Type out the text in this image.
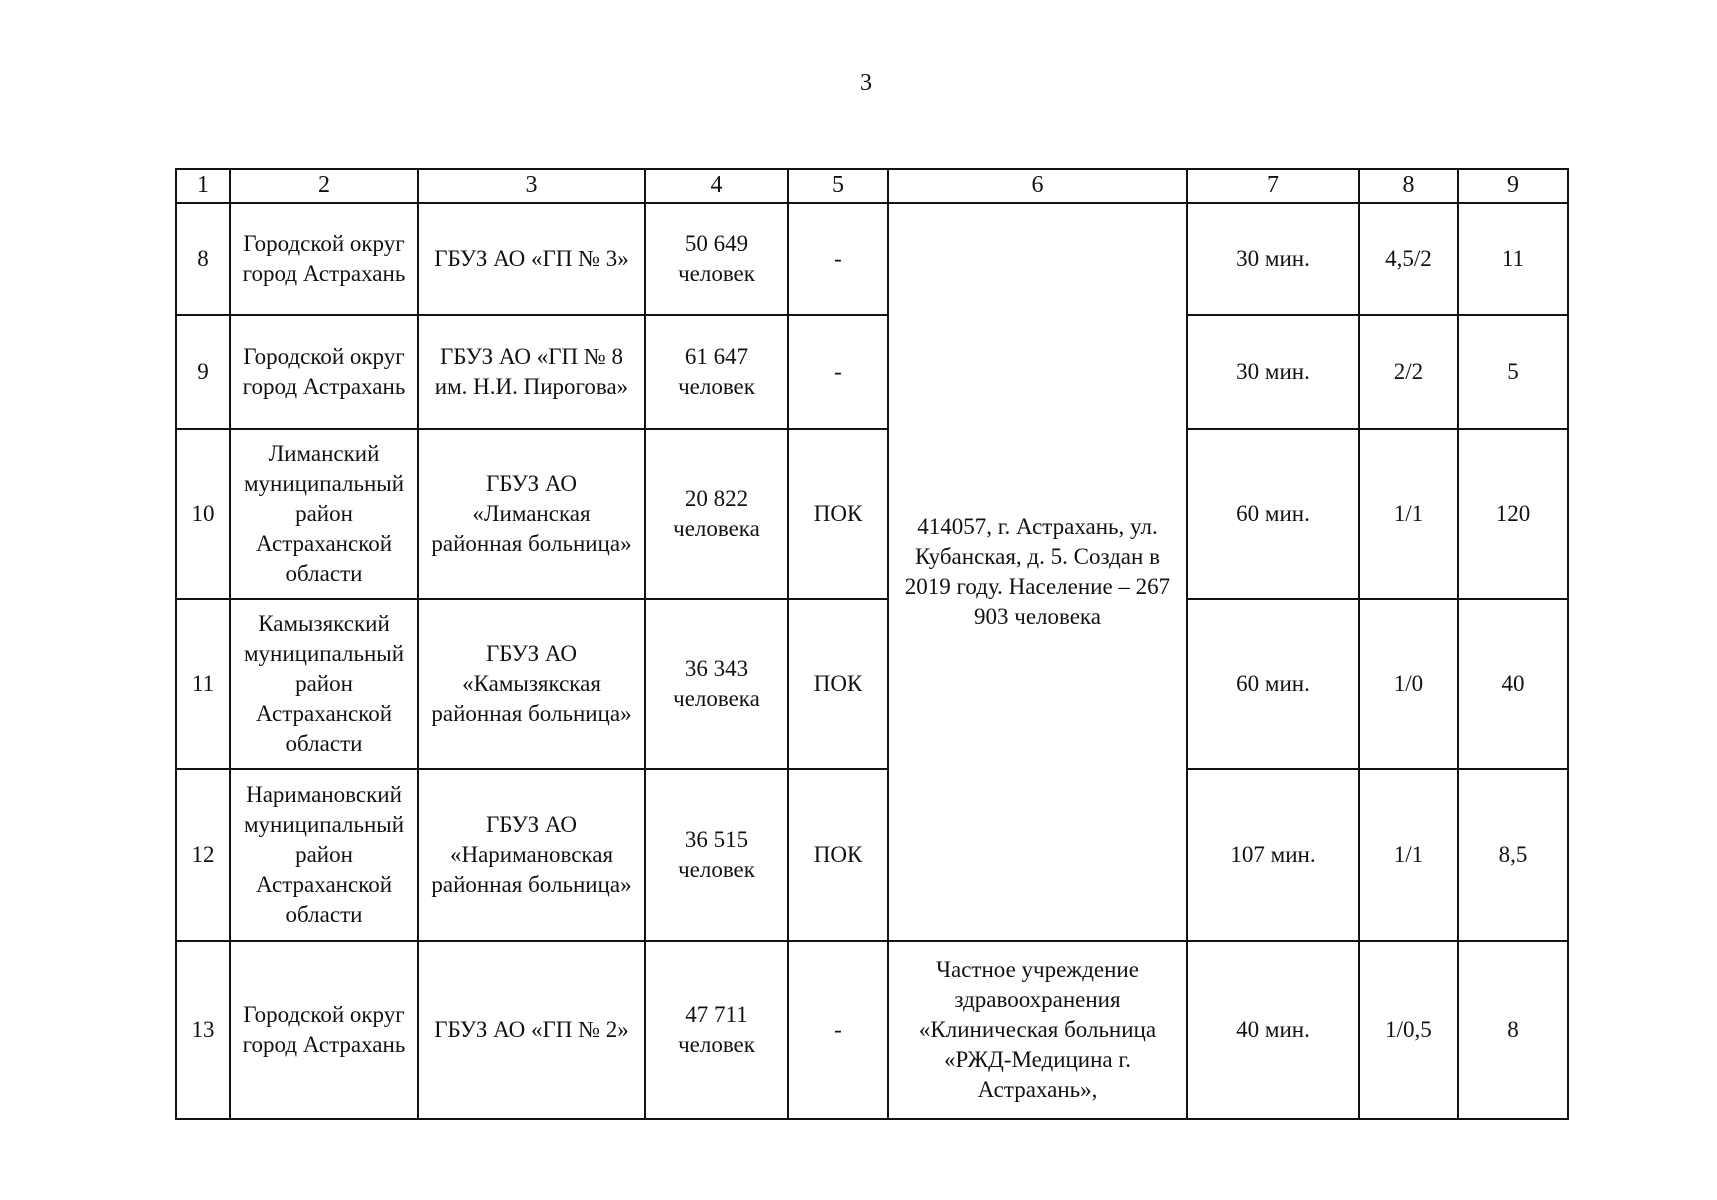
3
1	2	3	4	5	6	7	8	9
8	Городской округ город Астрахань	ГБУЗ АО «ГП № 3»	50 649 человек	-	414057, г. Астрахань, ул. Кубанская, д. 5. Создан в 2019 году. Население – 267 903 человека	30 мин.	4,5/2	11
9	Городской округ город Астрахань	ГБУЗ АО «ГП № 8 им. Н.И. Пирогова»	61 647 человек	-		30 мин.	2/2	5
10	Лиманский муниципальный район Астраханской области	ГБУЗ АО «Лиманская районная больница»	20 822 человека	ПОК		60 мин.	1/1	120
11	Камызякский муниципальный район Астраханской области	ГБУЗ АО «Камызякская районная больница»	36 343 человека	ПОК		60 мин.	1/0	40
12	Наримановский муниципальный район Астраханской области	ГБУЗ АО «Наримановская районная больница»	36 515 человек	ПОК		107 мин.	1/1	8,5
13	Городской округ город Астрахань	ГБУЗ АО «ГП № 2»	47 711 человек	-	Частное учреждение здравоохранения «Клиническая больница «РЖД-Медицина г. Астрахань»,	40 мин.	1/0,5	8
